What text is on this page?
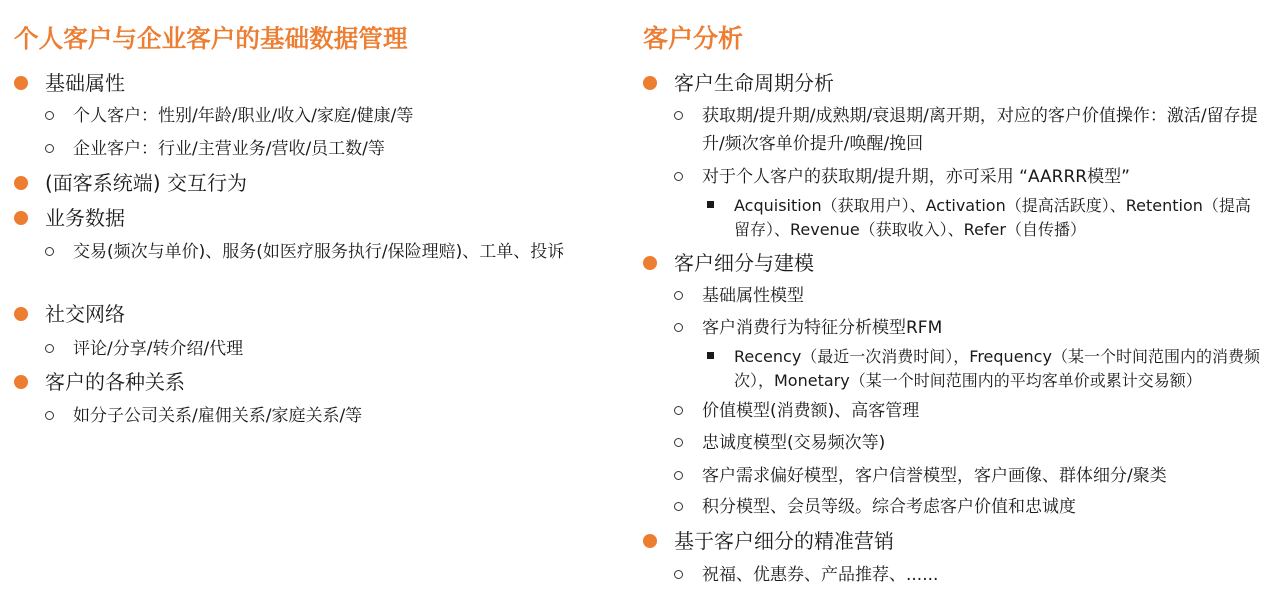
个人客户与企业客户的基础数据管理
基础属性
个人客户：性别/年龄/职业/收入/家庭/健康/等
企业客户：行业/主营业务/营收/员工数/等
(面客系统端) 交互行为
业务数据
交易(频次与单价)、服务(如医疗服务执行/保险理赔)、工单、投诉
社交网络
评论/分享/转介绍/代理
客户的各种关系
如分子公司关系/雇佣关系/家庭关系/等
客户分析
客户生命周期分析
获取期/提升期/成熟期/衰退期/离开期，对应的客户价值操作：激活/留存提升/频次客单价提升/唤醒/挽回
对于个人客户的获取期/提升期，亦可采用 “AARRR模型”
Acquisition（获取用户）、Activation（提高活跃度）、Retention（提高留存）、Revenue（获取收入）、Refer（自传播）
客户细分与建模
基础属性模型
客户消费行为特征分析模型RFM
Recency（最近一次消费时间），Frequency（某一个时间范围内的消费频次），Monetary（某一个时间范围内的平均客单价或累计交易额）
价值模型(消费额)、高客管理
忠诚度模型(交易频次等)
客户需求偏好模型，客户信誉模型，客户画像、群体细分/聚类
积分模型、会员等级。综合考虑客户价值和忠诚度
基于客户细分的精准营销
祝福、优惠券、产品推荐、......
